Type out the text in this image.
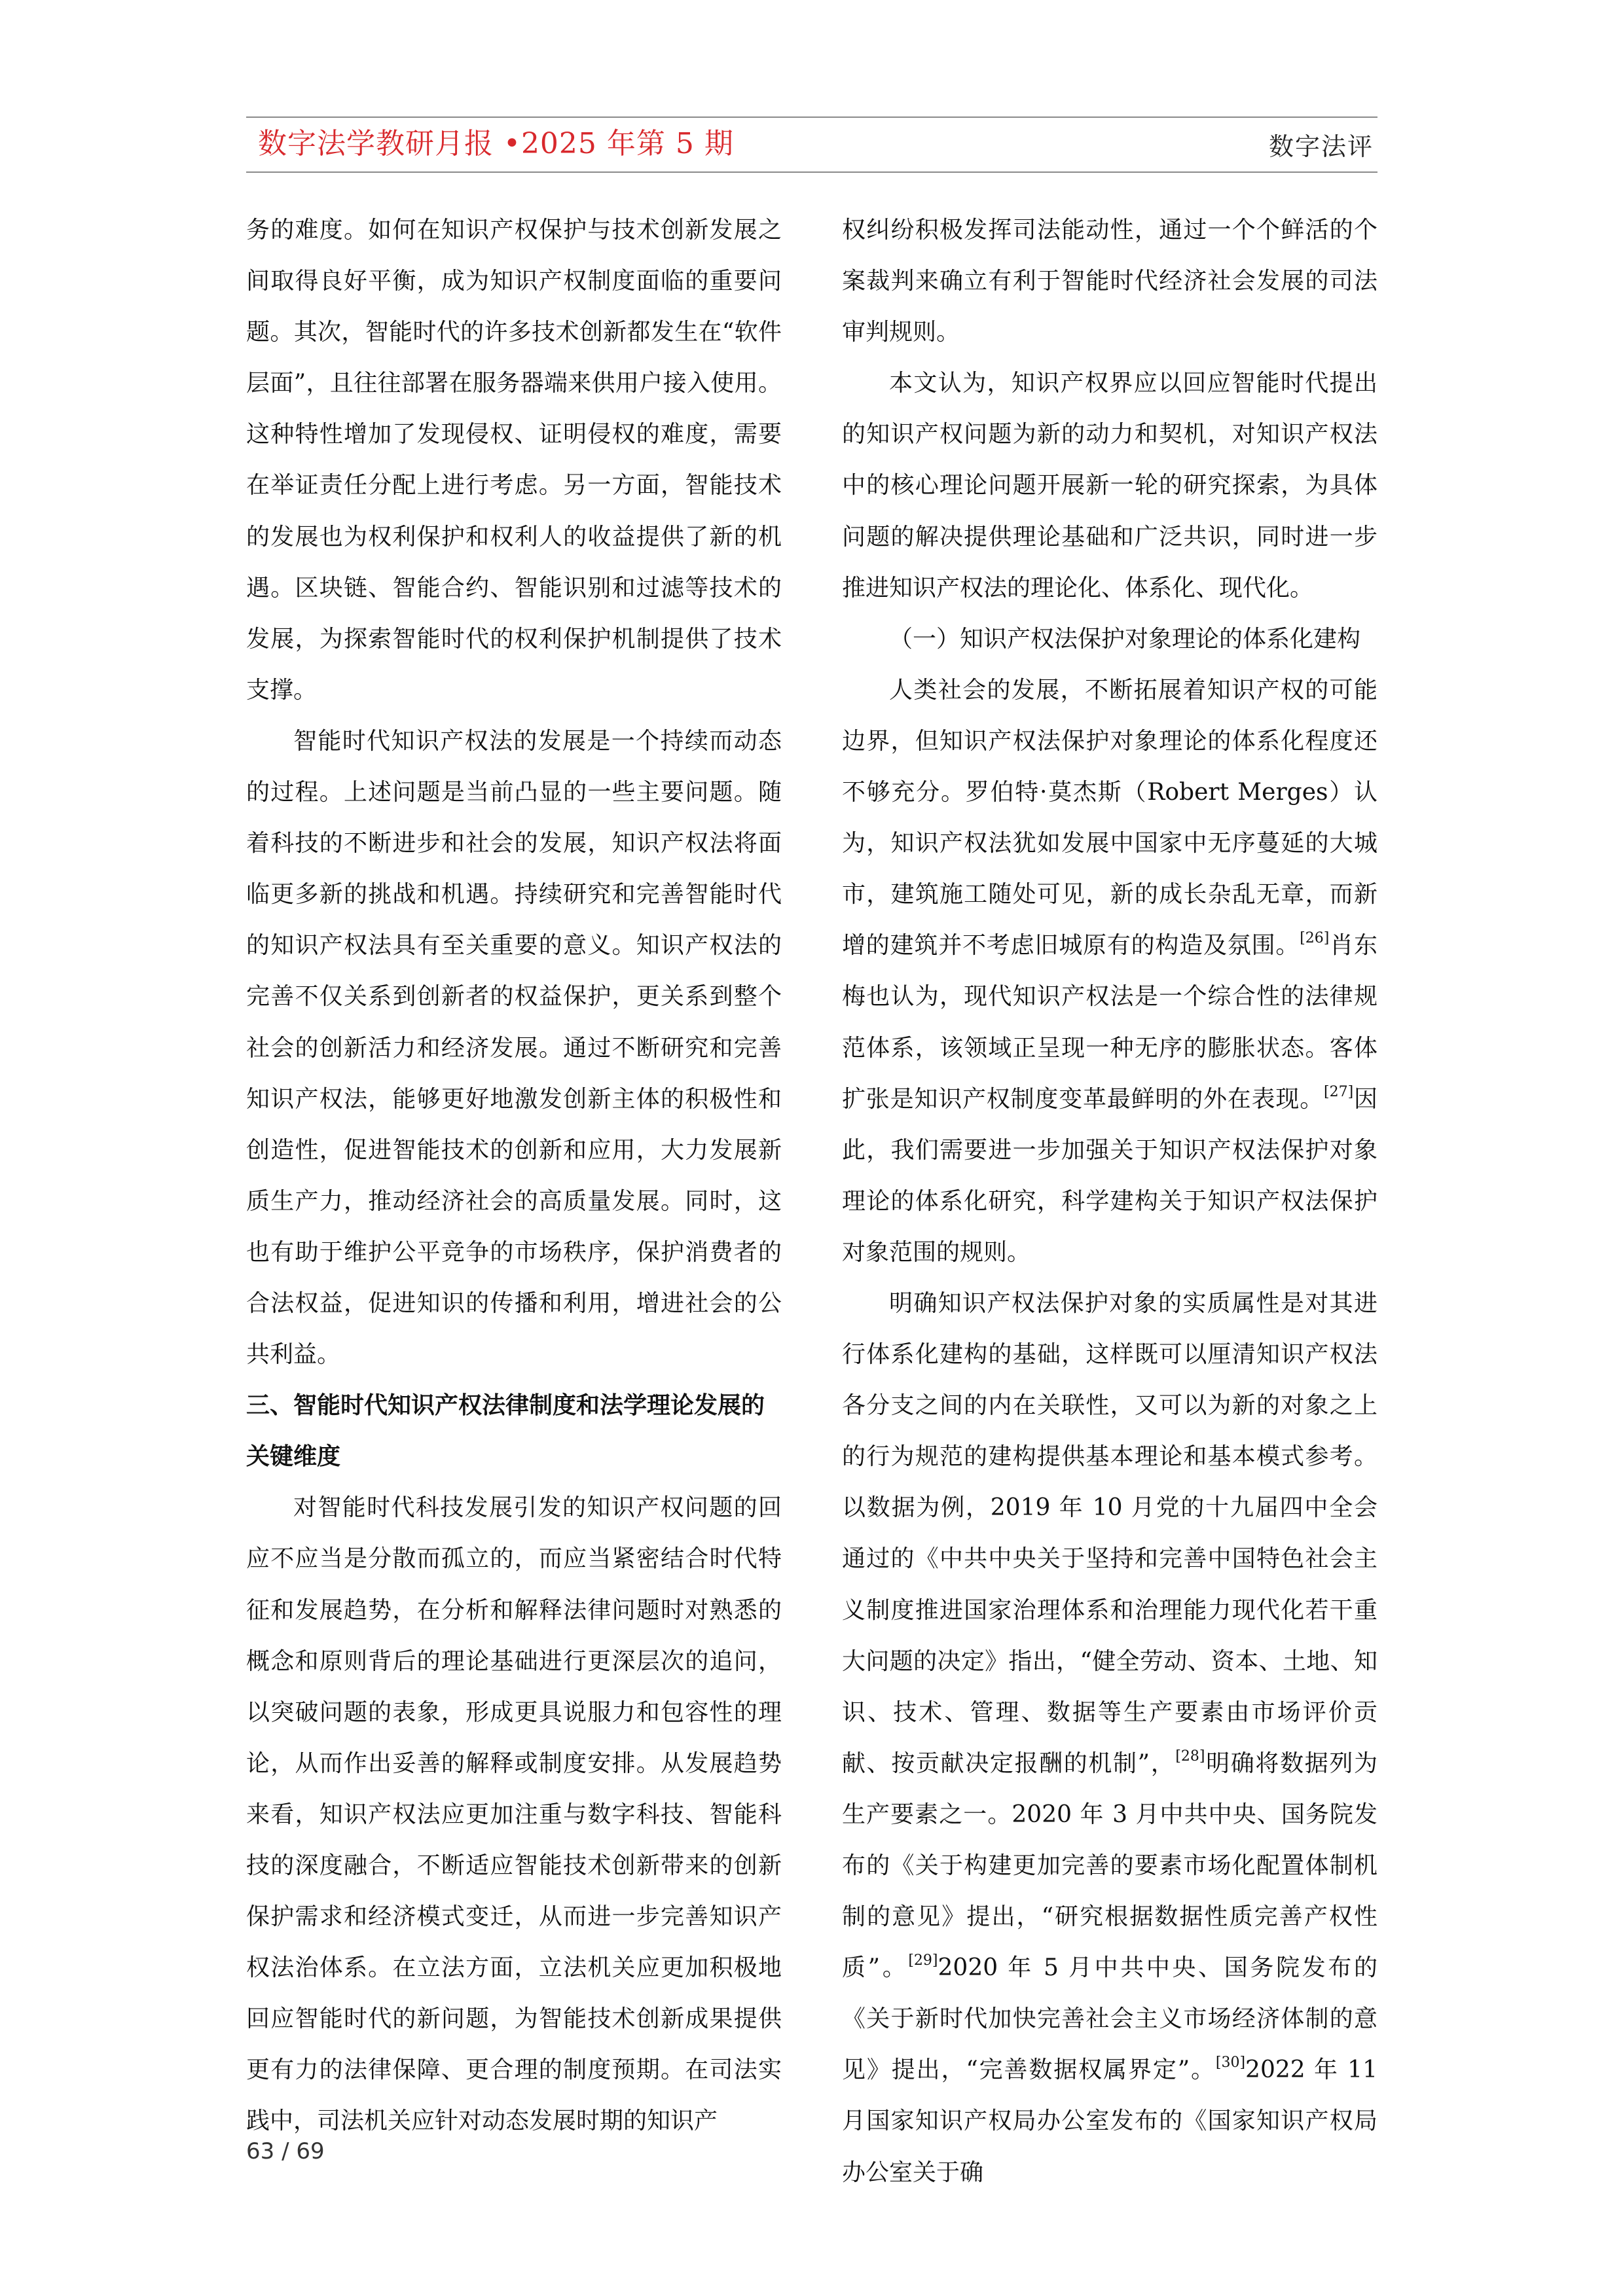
数字法学教研月报 •2025 年第 5 期	数字法评

务的难度。如何在知识产权保护与技术创新发展之间取得良好平衡，成为知识产权制度面临的重要问题。其次，智能时代的许多技术创新都发生在“软件层面”，且往往部署在服务器端来供用户接入使用。这种特性增加了发现侵权、证明侵权的难度，需要在举证责任分配上进行考虑。另一方面，智能技术的发展也为权利保护和权利人的收益提供了新的机遇。区块链、智能合约、智能识别和过滤等技术的发展，为探索智能时代的权利保护机制提供了技术支撑。

智能时代知识产权法的发展是一个持续而动态的过程。上述问题是当前凸显的一些主要问题。随着科技的不断进步和社会的发展，知识产权法将面临更多新的挑战和机遇。持续研究和完善智能时代的知识产权法具有至关重要的意义。知识产权法的完善不仅关系到创新者的权益保护，更关系到整个社会的创新活力和经济发展。通过不断研究和完善知识产权法，能够更好地激发创新主体的积极性和创造性，促进智能技术的创新和应用，大力发展新质生产力，推动经济社会的高质量发展。同时，这也有助于维护公平竞争的市场秩序，保护消费者的合法权益，促进知识的传播和利用，增进社会的公共利益。

三、智能时代知识产权法律制度和法学理论发展的关键维度

对智能时代科技发展引发的知识产权问题的回应不应当是分散而孤立的，而应当紧密结合时代特征和发展趋势，在分析和解释法律问题时对熟悉的概念和原则背后的理论基础进行更深层次的追问，以突破问题的表象，形成更具说服力和包容性的理论，从而作出妥善的解释或制度安排。从发展趋势来看，知识产权法应更加注重与数字科技、智能科技的深度融合，不断适应智能技术创新带来的创新保护需求和经济模式变迁，从而进一步完善知识产权法治体系。在立法方面，立法机关应更加积极地回应智能时代的新问题，为智能技术创新成果提供更有力的法律保障、更合理的制度预期。在司法实践中，司法机关应针对动态发展时期的知识产

权纠纷积极发挥司法能动性，通过一个个鲜活的个案裁判来确立有利于智能时代经济社会发展的司法审判规则。

本文认为，知识产权界应以回应智能时代提出的知识产权问题为新的动力和契机，对知识产权法中的核心理论问题开展新一轮的研究探索，为具体问题的解决提供理论基础和广泛共识，同时进一步推进知识产权法的理论化、体系化、现代化。

（一）知识产权法保护对象理论的体系化建构

人类社会的发展，不断拓展着知识产权的可能边界，但知识产权法保护对象理论的体系化程度还不够充分。罗伯特·莫杰斯（Robert Merges）认为，知识产权法犹如发展中国家中无序蔓延的大城市，建筑施工随处可见，新的成长杂乱无章，而新增的建筑并不考虑旧城原有的构造及氛围。[26]肖东梅也认为，现代知识产权法是一个综合性的法律规范体系，该领域正呈现一种无序的膨胀状态。客体扩张是知识产权制度变革最鲜明的外在表现。[27]因此，我们需要进一步加强关于知识产权法保护对象理论的体系化研究，科学建构关于知识产权法保护对象范围的规则。

明确知识产权法保护对象的实质属性是对其进行体系化建构的基础，这样既可以厘清知识产权法各分支之间的内在关联性，又可以为新的对象之上的行为规范的建构提供基本理论和基本模式参考。以数据为例，2019 年 10 月党的十九届四中全会通过的《中共中央关于坚持和完善中国特色社会主义制度推进国家治理体系和治理能力现代化若干重大问题的决定》指出，“健全劳动、资本、土地、知识、技术、管理、数据等生产要素由市场评价贡献、按贡献决定报酬的机制”，[28]明确将数据列为生产要素之一。2020 年 3 月中共中央、国务院发布的《关于构建更加完善的要素市场化配置体制机制的意见》提出，“研究根据数据性质完善产权性质”。[29]2020 年 5 月中共中央、国务院发布的《关于新时代加快完善社会主义市场经济体制的意见》提出，“完善数据权属界定”。[30]2022 年 11 月国家知识产权局办公室发布的《国家知识产权局办公室关于确

63 / 69
